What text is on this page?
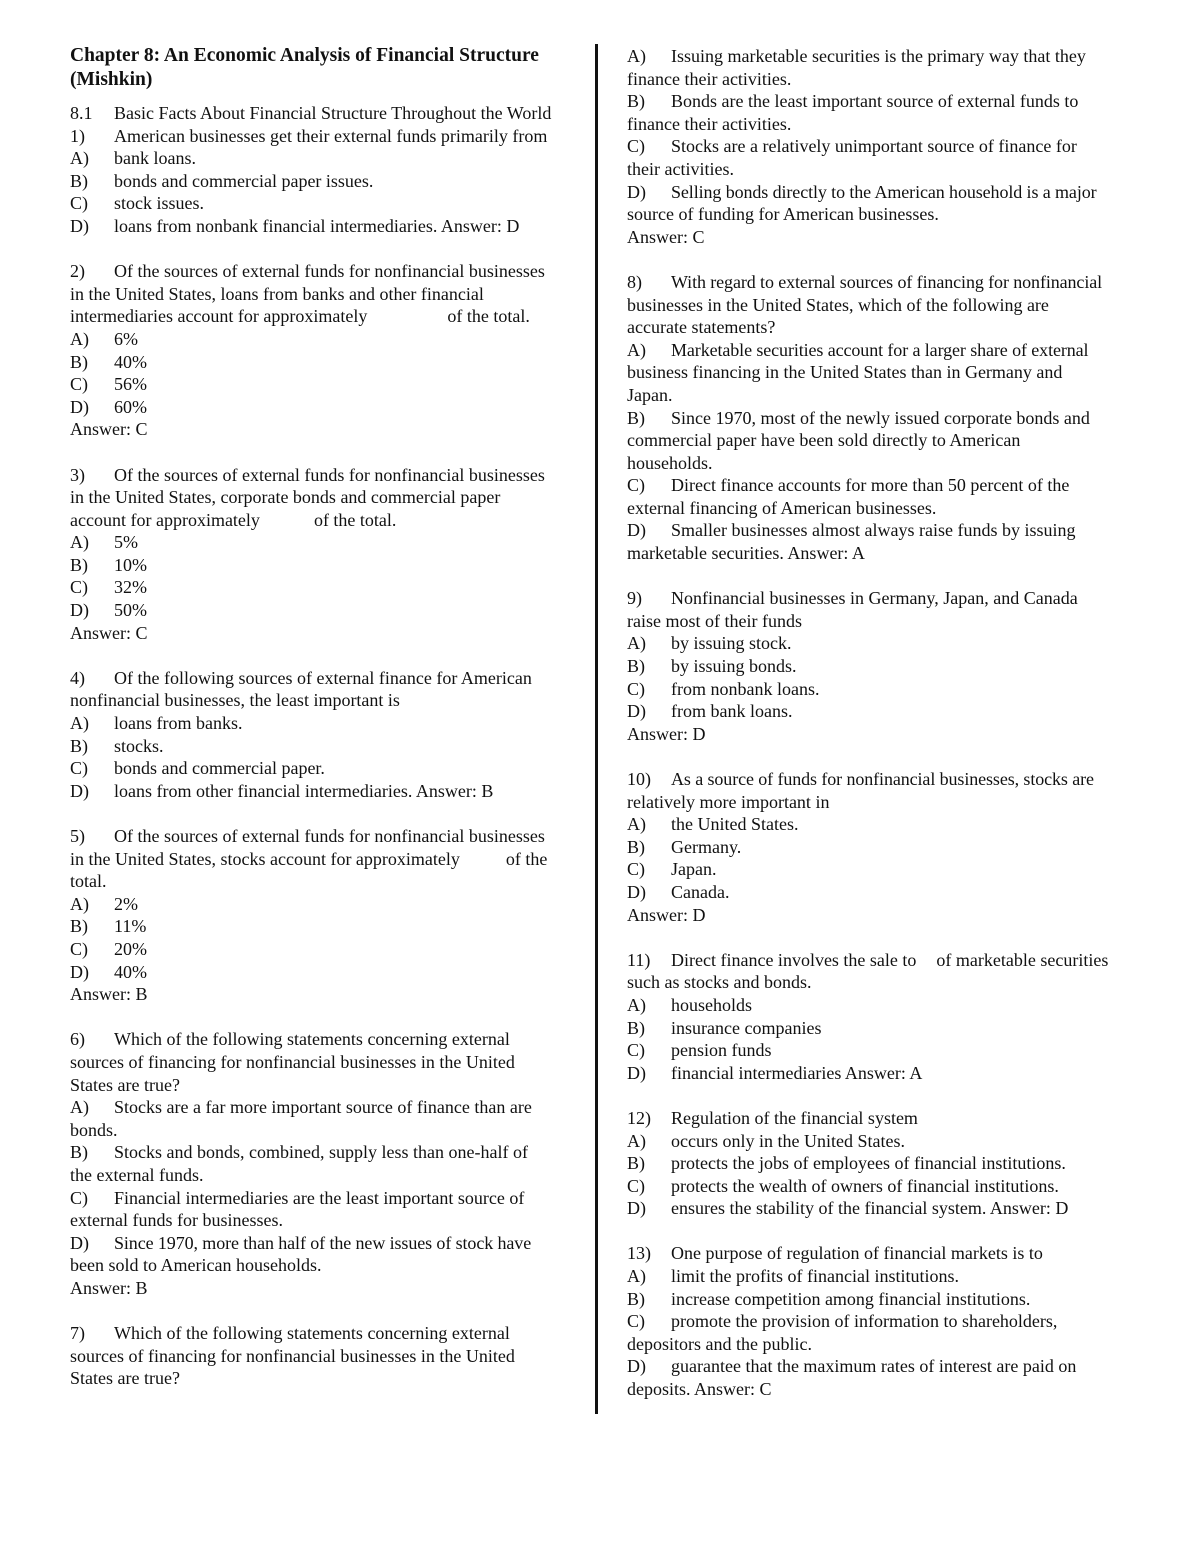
Chapter 8: An Economic Analysis of Financial Structure
(Mishkin)
8.1 Basic Facts About Financial Structure Throughout the World
1) American businesses get their external funds primarily from
A) bank loans.
B) bonds and commercial paper issues.
C) stock issues.
D) loans from nonbank financial intermediaries. Answer: D
2) Of the sources of external funds for nonfinancial businesses
in the United States, loans from banks and other financial
intermediaries account for approximately	of the total.
A) 6%
B) 40%
C) 56%
D) 60%
Answer: C
3) Of the sources of external funds for nonfinancial businesses
in the United States, corporate bonds and commercial paper
account for approximately	of the total.
A) 5%
B) 10%
C) 32%
D) 50%
Answer: C
4) Of the following sources of external finance for American
nonfinancial businesses, the least important is
A) loans from banks.
B) stocks.
C) bonds and commercial paper.
D) loans from other financial intermediaries. Answer: B
5) Of the sources of external funds for nonfinancial businesses
in the United States, stocks account for approximately	of the
total.
A) 2%
B) 11%
C) 20%
D) 40%
Answer: B
6) Which of the following statements concerning external
sources of financing for nonfinancial businesses in the United
States are true?
A) Stocks are a far more important source of finance than are
bonds.
B) Stocks and bonds, combined, supply less than one-half of
the external funds.
C) Financial intermediaries are the least important source of
external funds for businesses.
D) Since 1970, more than half of the new issues of stock have
been sold to American households.
Answer: B
7) Which of the following statements concerning external
sources of financing for nonfinancial businesses in the United
States are true?
A) Issuing marketable securities is the primary way that they
finance their activities.
B) Bonds are the least important source of external funds to
finance their activities.
C) Stocks are a relatively unimportant source of finance for
their activities.
D) Selling bonds directly to the American household is a major
source of funding for American businesses.
Answer: C
8) With regard to external sources of financing for nonfinancial
businesses in the United States, which of the following are
accurate statements?
A) Marketable securities account for a larger share of external
business financing in the United States than in Germany and
Japan.
B) Since 1970, most of the newly issued corporate bonds and
commercial paper have been sold directly to American
households.
C) Direct finance accounts for more than 50 percent of the
external financing of American businesses.
D) Smaller businesses almost always raise funds by issuing
marketable securities. Answer: A
9) Nonfinancial businesses in Germany, Japan, and Canada
raise most of their funds
A) by issuing stock.
B) by issuing bonds.
C) from nonbank loans.
D) from bank loans.
Answer: D
10) As a source of funds for nonfinancial businesses, stocks are
relatively more important in
A) the United States.
B) Germany.
C) Japan.
D) Canada.
Answer: D
11) Direct finance involves the sale to of marketable securities
such as stocks and bonds.
A) households
B) insurance companies
C) pension funds
D) financial intermediaries Answer: A
12) Regulation of the financial system
A) occurs only in the United States.
B) protects the jobs of employees of financial institutions.
C) protects the wealth of owners of financial institutions.
D) ensures the stability of the financial system. Answer: D
13) One purpose of regulation of financial markets is to
A) limit the profits of financial institutions.
B) increase competition among financial institutions.
C) promote the provision of information to shareholders,
depositors and the public.
D) guarantee that the maximum rates of interest are paid on
deposits. Answer: C
